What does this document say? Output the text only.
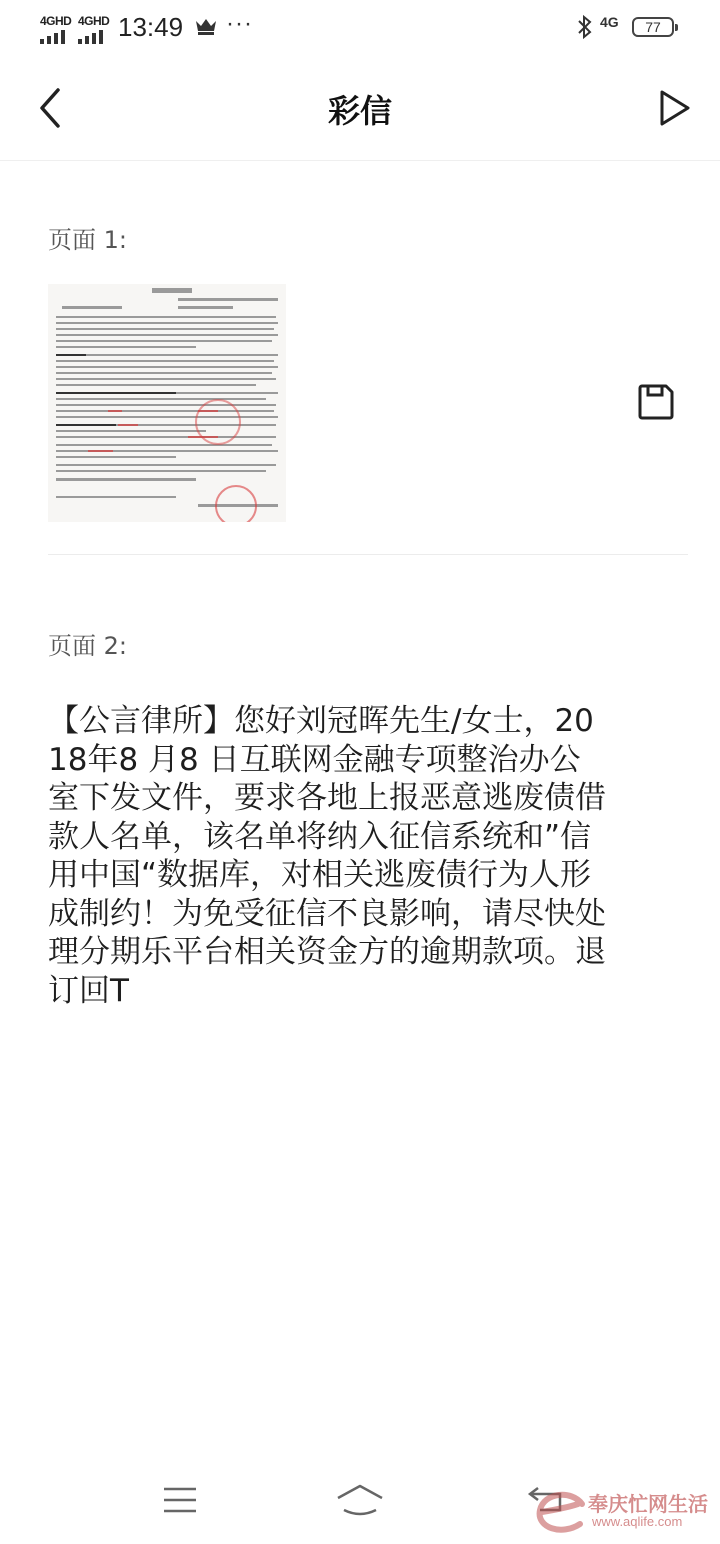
4GHD 4GHD 13:49 ···	4G	77
彩信
页面 1:
页面 2:
【公言律所】您好刘冠晖先生/女士，2018年8 月8 日互联网金融专项整治办公室下发文件，要求各地上报恶意逃废债借款人名单，该名单将纳入征信系统和”信用中国“数据库，对相关逃废债行为人形成制约！为免受征信不良影响，请尽快处理分期乐平台相关资金方的逾期款项。退订回T
奉庆忙网生活
www.aqlife.com
